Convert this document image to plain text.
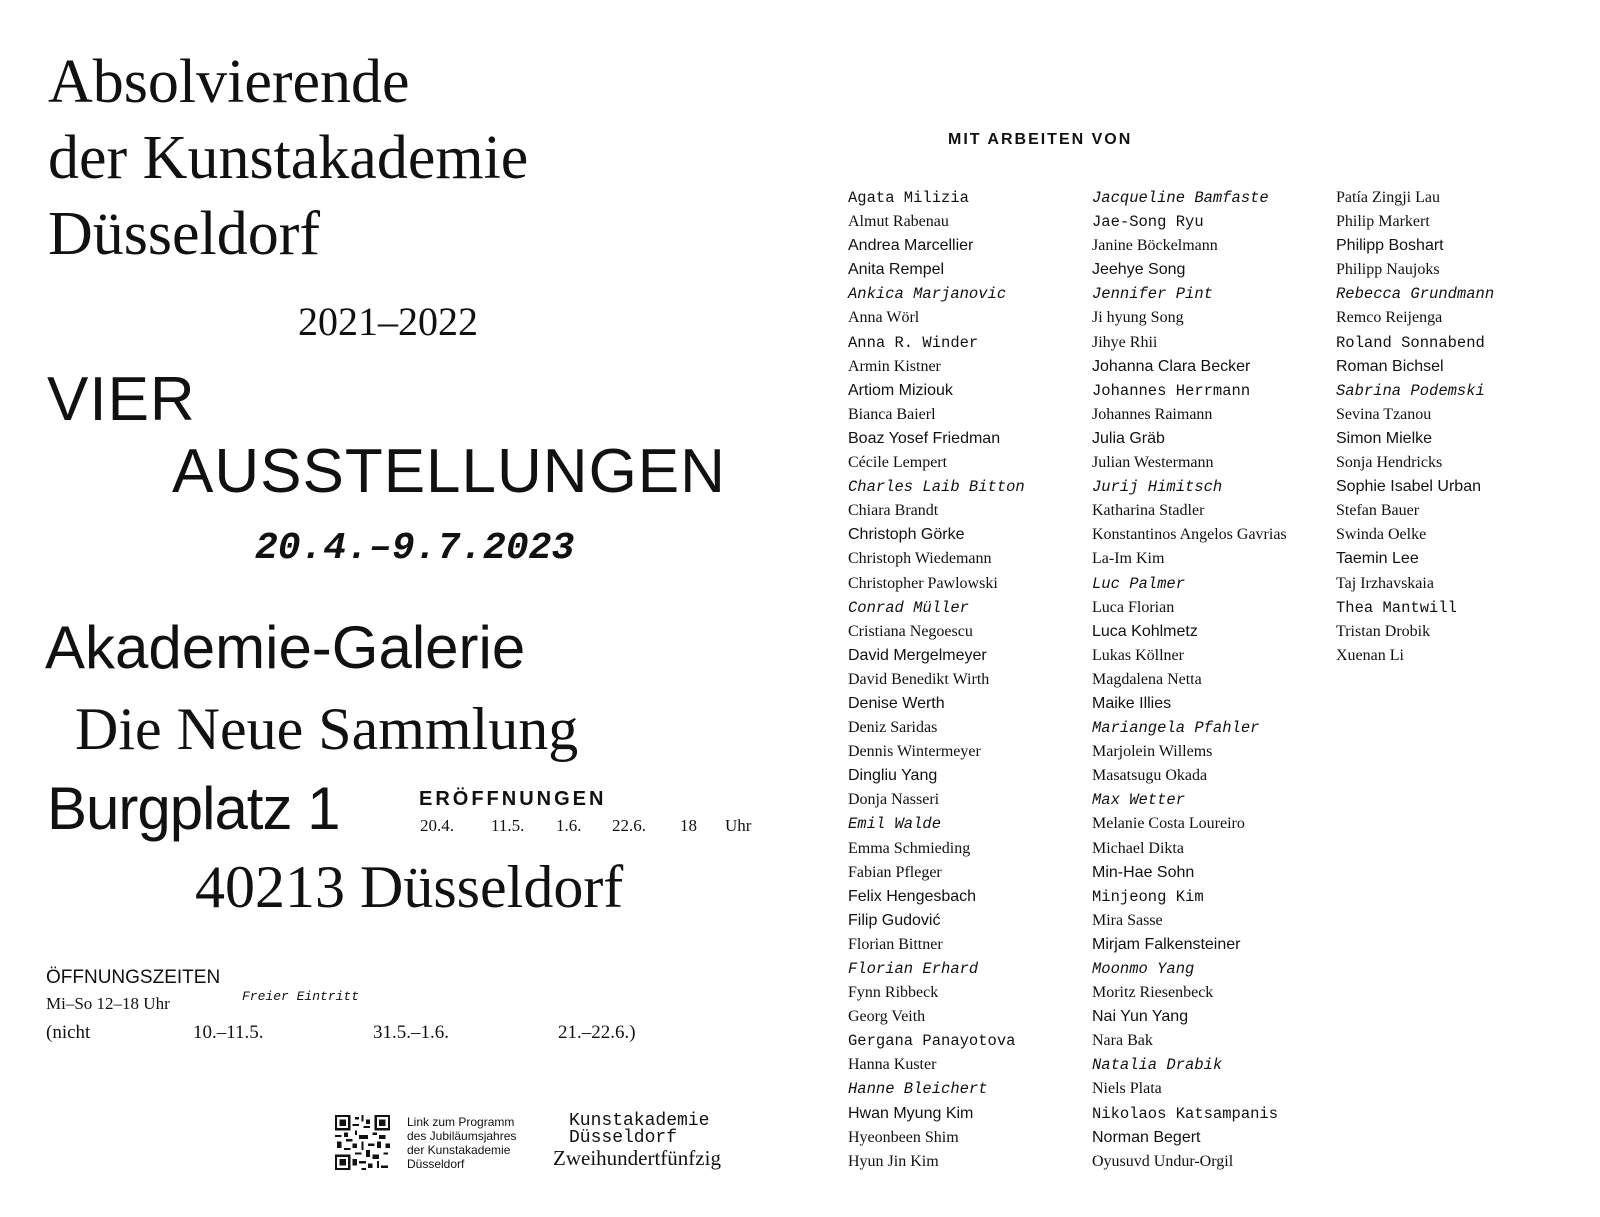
Absolvierende
der Kunstakademie
Düsseldorf
2021–2022
VIER
AUSSTELLUNGEN
20.4.–9.7.2023
Akademie-Galerie
Die Neue Sammlung
Burgplatz 1
40213 Düsseldorf
ERÖFFNUNGEN
20.4. 11.5. 1.6. 22.6. 18 Uhr
ÖFFNUNGSZEITEN
Mi–So 12–18 Uhr	Freier Eintritt
(nicht	10.–11.5.	31.5.–1.6.	21.–22.6.)
Link zum Programm
des Jubiläumsjahres
der Kunstakademie
Düsseldorf
Kunstakademie
Düsseldorf
Zweihundertfünfzig
MIT ARBEITEN VON
Agata Milizia
Almut Rabenau
Andrea Marcellier
Anita Rempel
Ankica Marjanovic
Anna Wörl
Anna R. Winder
Armin Kistner
Artiom Miziouk
Bianca Baierl
Boaz Yosef Friedman
Cécile Lempert
Charles Laib Bitton
Chiara Brandt
Christoph Görke
Christoph Wiedemann
Christopher Pawlowski
Conrad Müller
Cristiana Negoescu
David Mergelmeyer
David Benedikt Wirth
Denise Werth
Deniz Saridas
Dennis Wintermeyer
Dingliu Yang
Donja Nasseri
Emil Walde
Emma Schmieding
Fabian Pfleger
Felix Hengesbach
Filip Gudović
Florian Bittner
Florian Erhard
Fynn Ribbeck
Georg Veith
Gergana Panayotova
Hanna Kuster
Hanne Bleichert
Hwan Myung Kim
Hyeonbeen Shim
Hyun Jin Kim
Jacqueline Bamfaste
Jae-Song Ryu
Janine Böckelmann
Jeehye Song
Jennifer Pint
Ji hyung Song
Jihye Rhii
Johanna Clara Becker
Johannes Herrmann
Johannes Raimann
Julia Gräb
Julian Westermann
Jurij Himitsch
Katharina Stadler
Konstantinos Angelos Gavrias
La-Im Kim
Luc Palmer
Luca Florian
Luca Kohlmetz
Lukas Köllner
Magdalena Netta
Maike Illies
Mariangela Pfahler
Marjolein Willems
Masatsugu Okada
Max Wetter
Melanie Costa Loureiro
Michael Dikta
Min-Hae Sohn
Minjeong Kim
Mira Sasse
Mirjam Falkensteiner
Moonmo Yang
Moritz Riesenbeck
Nai Yun Yang
Nara Bak
Natalia Drabik
Niels Plata
Nikolaos Katsampanis
Norman Begert
Oyusuvd Undur-Orgil
Patía Zingji Lau
Philip Markert
Philipp Boshart
Philipp Naujoks
Rebecca Grundmann
Remco Reijenga
Roland Sonnabend
Roman Bichsel
Sabrina Podemski
Sevina Tzanou
Simon Mielke
Sonja Hendricks
Sophie Isabel Urban
Stefan Bauer
Swinda Oelke
Taemin Lee
Taj Irzhavskaia
Thea Mantwill
Tristan Drobik
Xuenan Li
